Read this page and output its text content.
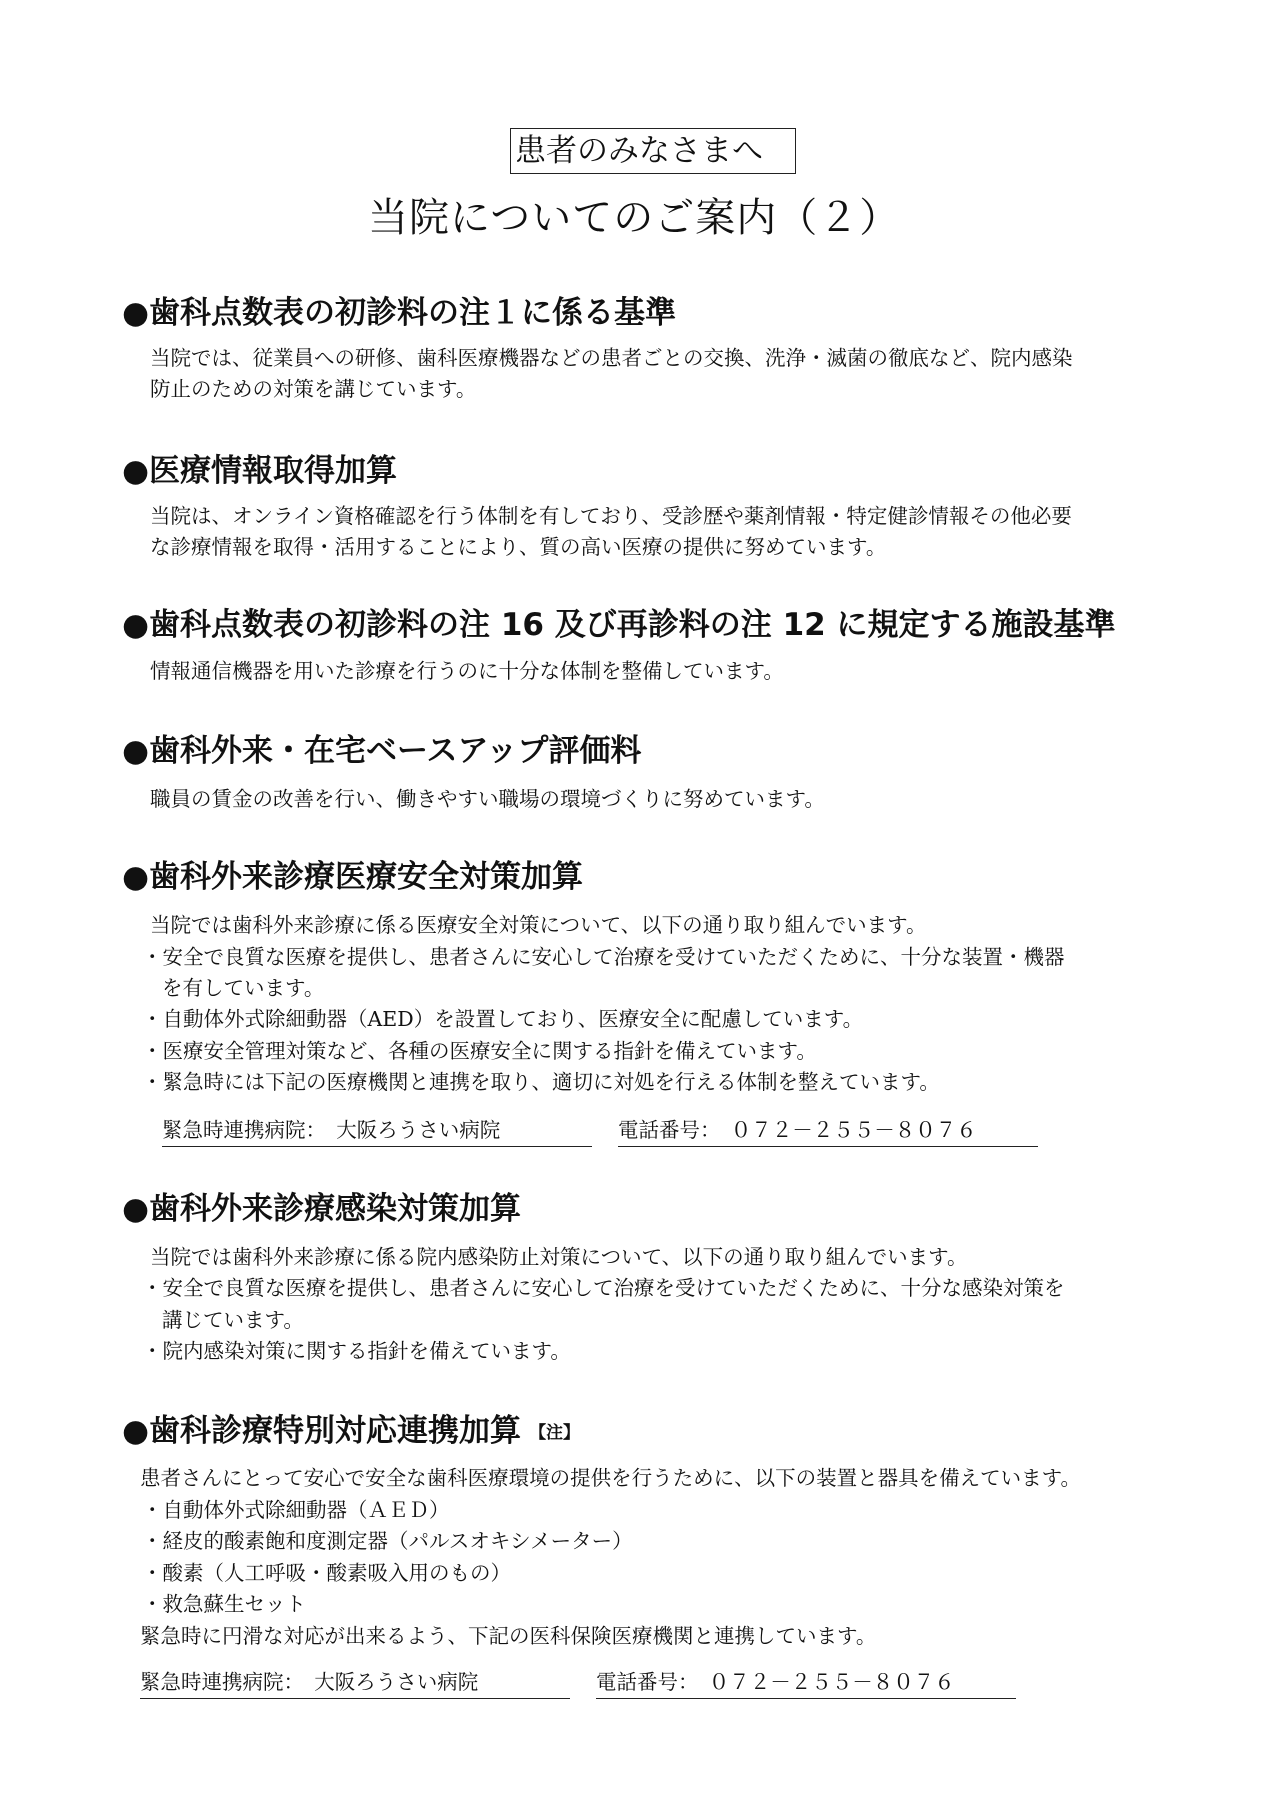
患者のみなさまへ
当院についてのご案内（２）
●歯科点数表の初診料の注１に係る基準
当院では、従業員への研修、歯科医療機器などの患者ごとの交換、洗浄・滅菌の徹底など、院内感染
防止のための対策を講じています。
●医療情報取得加算
当院は、オンライン資格確認を行う体制を有しており、受診歴や薬剤情報・特定健診情報その他必要
な診療情報を取得・活用することにより、質の高い医療の提供に努めています。
●歯科点数表の初診料の注 16 及び再診料の注 12 に規定する施設基準
情報通信機器を用いた診療を行うのに十分な体制を整備しています。
●歯科外来・在宅ベースアップ評価料
職員の賃金の改善を行い、働きやすい職場の環境づくりに努めています。
●歯科外来診療医療安全対策加算
当院では歯科外来診療に係る医療安全対策について、以下の通り取り組んでいます。
・安全で良質な医療を提供し、患者さんに安心して治療を受けていただくために、十分な装置・機器
を有しています。
・自動体外式除細動器（AED）を設置しており、医療安全に配慮しています。
・医療安全管理対策など、各種の医療安全に関する指針を備えています。
・緊急時には下記の医療機関と連携を取り、適切に対処を行える体制を整えています。
緊急時連携病院：　大阪ろうさい病院	電話番号：　０７２－２５５－８０７６
●歯科外来診療感染対策加算
当院では歯科外来診療に係る院内感染防止対策について、以下の通り取り組んでいます。
・安全で良質な医療を提供し、患者さんに安心して治療を受けていただくために、十分な感染対策を
講じています。
・院内感染対策に関する指針を備えています。
●歯科診療特別対応連携加算 【注】
患者さんにとって安心で安全な歯科医療環境の提供を行うために、以下の装置と器具を備えています。
・自動体外式除細動器（ＡＥＤ）
・経皮的酸素飽和度測定器（パルスオキシメーター）
・酸素（人工呼吸・酸素吸入用のもの）
・救急蘇生セット
緊急時に円滑な対応が出来るよう、下記の医科保険医療機関と連携しています。
緊急時連携病院：　大阪ろうさい病院	電話番号：　０７２－２５５－８０７６
